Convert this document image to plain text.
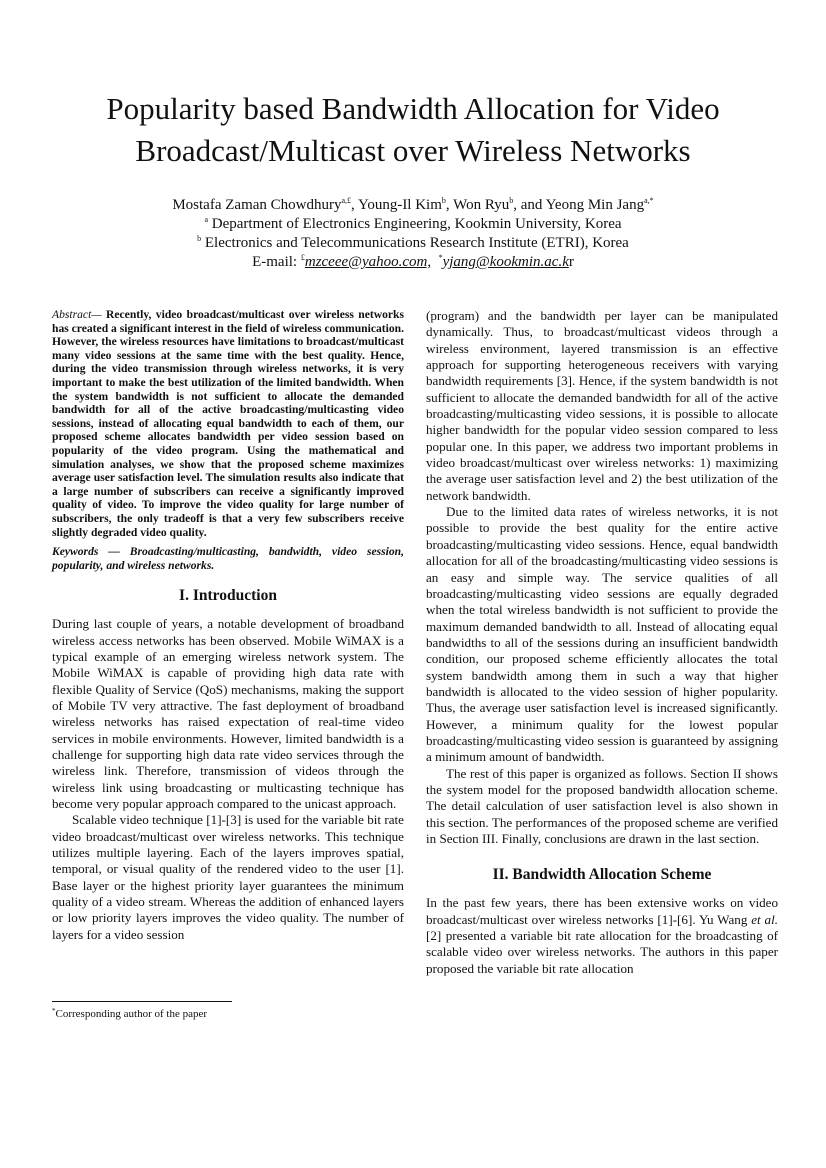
Popularity based Bandwidth Allocation for Video
Broadcast/Multicast over Wireless Networks
Mostafa Zaman Chowdhury$^{a,£}$, Young-Il Kim$^b$, Won Ryu$^b$, and Yeong Min Jang$^{a,*}$
$^a$ Department of Electronics Engineering, Kookmin University, Korea
$^b$ Electronics and Telecommunications Research Institute (ETRI), Korea
E-mail: £mzceee@yahoo.com, *yjang@kookmin.ac.kr

Abstract— Recently, video broadcast/multicast over wireless networks has created a significant interest in the field of wireless communication. However, the wireless resources have limitations to broadcast/multicast many video sessions at the same time with the best quality. Hence, during the video transmission through wireless networks, it is very important to make the best utilization of the limited bandwidth. When the system bandwidth is not sufficient to allocate the demanded bandwidth for all of the active broadcasting/multicasting video sessions, instead of allocating equal bandwidth to each of them, our proposed scheme allocates bandwidth per video session based on popularity of the video program. Using the mathematical and simulation analyses, we show that the proposed scheme maximizes average user satisfaction level. The simulation results also indicate that a large number of subscribers can receive a significantly improved quality of video. To improve the video quality for large number of subscribers, the only tradeoff is that a very few subscribers receive slightly degraded video quality.

Keywords — Broadcasting/multicasting, bandwidth, video session, popularity, and wireless networks.

I. Introduction

During last couple of years, a notable development of broadband wireless access networks has been observed. Mobile WiMAX is a typical example of an emerging wireless network system. The Mobile WiMAX is capable of providing high data rate with flexible Quality of Service (QoS) mechanisms, making the support of Mobile TV very attractive. The fast deployment of broadband wireless networks has raised expectation of real-time video services in mobile environments. However, limited bandwidth is a challenge for supporting high data rate video services through the wireless link. Therefore, transmission of videos through the wireless link using broadcasting or multicasting technique has become very popular approach compared to the unicast approach.

Scalable video technique [1]-[3] is used for the variable bit rate video broadcast/multicast over wireless networks. This technique utilizes multiple layering. Each of the layers improves spatial, temporal, or visual quality of the rendered video to the user [1]. Base layer or the highest priority layer guarantees the minimum quality of a video stream. Whereas the addition of enhanced layers or low priority layers improves the video quality. The number of layers for a video session

(program) and the bandwidth per layer can be manipulated dynamically. Thus, to broadcast/multicast videos through a wireless environment, layered transmission is an effective approach for supporting heterogeneous receivers with varying bandwidth requirements [3]. Hence, if the system bandwidth is not sufficient to allocate the demanded bandwidth for all of the active broadcasting/multicasting video sessions, it is possible to allocate higher bandwidth for the popular video session compared to less popular one. In this paper, we address two important problems in video broadcast/multicast over wireless networks: 1) maximizing the average user satisfaction level and 2) the best utilization of the network bandwidth.

Due to the limited data rates of wireless networks, it is not possible to provide the best quality for the entire active broadcasting/multicasting video sessions. Hence, equal bandwidth allocation for all of the broadcasting/multicasting video sessions is an easy and simple way. The service qualities of all broadcasting/multicasting video sessions are equally degraded when the total wireless bandwidth is not sufficient to provide the maximum demanded bandwidth to all. Instead of allocating equal bandwidths to all of the sessions during an insufficient bandwidth condition, our proposed scheme efficiently allocates the total system bandwidth among them in such a way that higher bandwidth is allocated to the video session of higher popularity. Thus, the average user satisfaction level is increased significantly. However, a minimum quality for the lowest popular broadcasting/multicasting video session is guaranteed by assigning a minimum amount of bandwidth.

The rest of this paper is organized as follows. Section II shows the system model for the proposed bandwidth allocation scheme. The detail calculation of user satisfaction level is also shown in this section. The performances of the proposed scheme are verified in Section III. Finally, conclusions are drawn in the last section.

II. Bandwidth Allocation Scheme

In the past few years, there has been extensive works on video broadcast/multicast over wireless networks [1]-[6]. Yu Wang et al. [2] presented a variable bit rate allocation for the broadcasting of scalable video over wireless networks. The authors in this paper proposed the variable bit rate allocation

*Corresponding author of the paper
